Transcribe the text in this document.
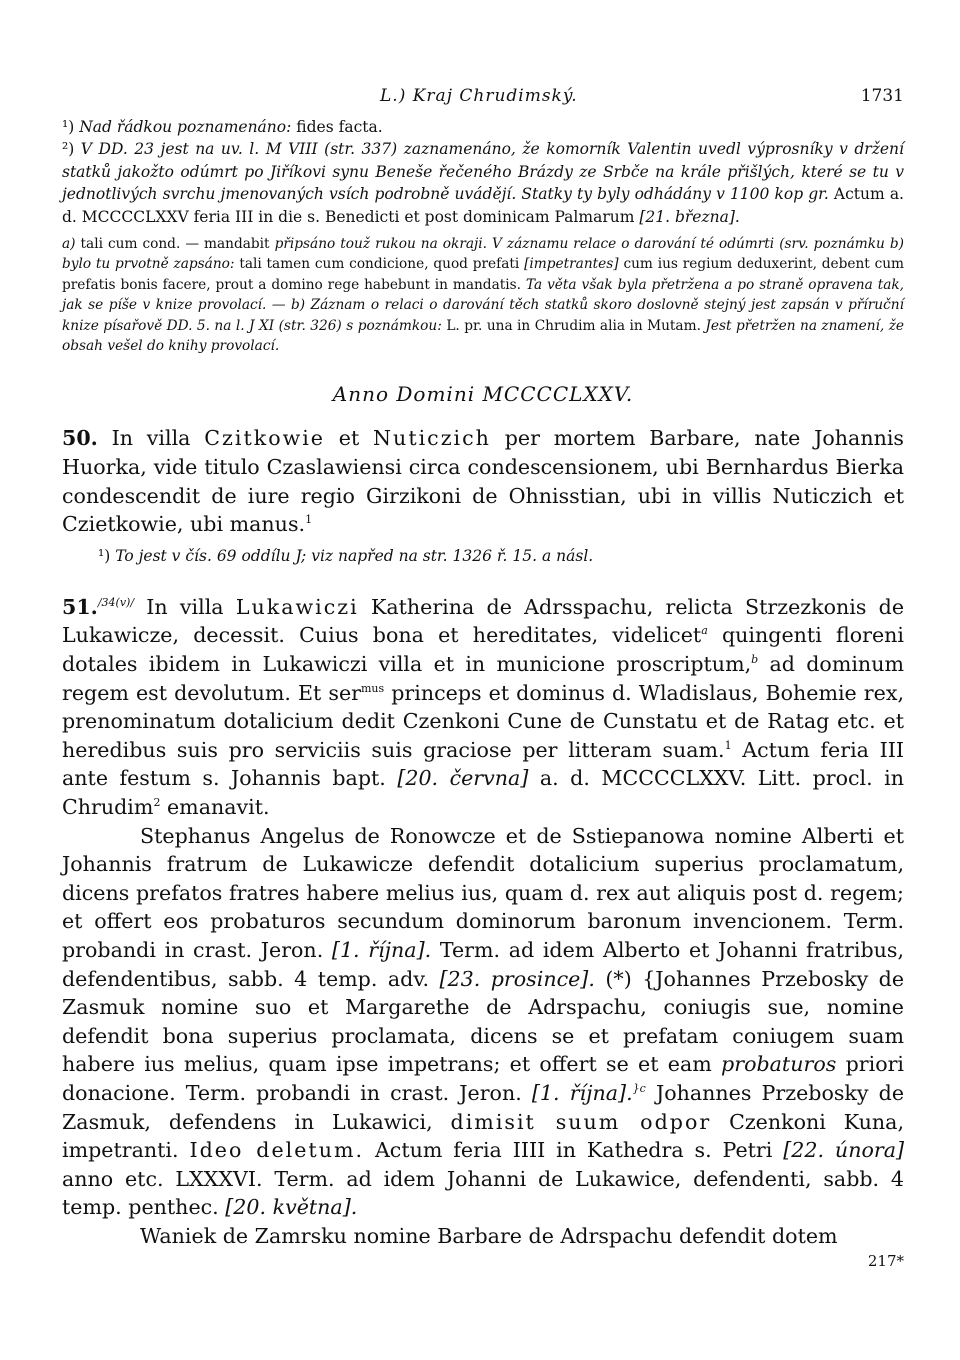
L.) Kraj Chrudimský.	1731

¹) Nad řádkou poznamenáno: fides facta.

²) V DD. 23 jest na uv. l. M VIII (str. 337) zaznamenáno, že komorník Valentin uvedl výprosníky v držení statků jakožto odúmrt po Jiříkovi synu Beneše řečeného Brázdy ze Srbče na krále přišlých, které se tu v jednotlivých svrchu jmenovaných vsích podrobně uvádějí. Statky ty byly odhádány v 1100 kop gr. Actum a. d. MCCCCLXXV feria III in die s. Benedicti et post dominicam Palmarum [21. března].

a) tali cum cond. — mandabit připsáno touž rukou na okraji. V záznamu relace o darování té odúmrti (srv. poznámku b) bylo tu prvotně zapsáno: tali tamen cum condicione, quod prefati [impetrantes] cum ius regium deduxerint, debent cum prefatis bonis facere, prout a domino rege habebunt in mandatis. Ta věta však byla přetržena a po straně opravena tak, jak se píše v knize provolací. — b) Záznam o relaci o darování těch statků skoro doslovně stejný jest zapsán v příruční knize písařově DD. 5. na l. J XI (str. 326) s poznámkou: L. pr. una in Chrudim alia in Mutam. Jest přetržen na znamení, že obsah vešel do knihy provolací.

Anno Domini MCCCCLXXV.

50. In villa Czitkowie et Nuticzich per mortem Barbare, nate Johannis Huorka, vide titulo Czaslawiensi circa condescensionem, ubi Bernhardus Bierka condescendit de iure regio Girzikoni de Ohnisstian, ubi in villis Nuticzich et Czietkowie, ubi manus.$^1$

¹) To jest v čís. 69 oddílu J; viz napřed na str. 1326 ř. 15. a násl.

51.$^{/34(v)/}$ In villa Lukawiczi Katherina de Adrsspachu, relicta Strzezkonis de Lukawicze, decessit. Cuius bona et hereditates, videlicet$^a$ quingenti floreni dotales ibidem in Lukawiczi villa et in municione proscriptum,$^b$ ad dominum regem est devolutum. Et ser$^{mus}$ princeps et dominus d. Wladislaus, Bohemie rex, prenominatum dotalicium dedit Czenkoni Cune de Cunstatu et de Ratag etc. et heredibus suis pro serviciis suis graciose per litteram suam.$^1$ Actum feria III ante festum s. Johannis bapt. [20. června] a. d. MCCCCLXXV. Litt. procl. in Chrudim$^2$ emanavit.

Stephanus Angelus de Ronowcze et de Sstiepanowa nomine Alberti et Johannis fratrum de Lukawicze defendit dotalicium superius proclamatum, dicens prefatos fratres habere melius ius, quam d. rex aut aliquis post d. regem; et offert eos probaturos secundum dominorum baronum invencionem. Term. probandi in crast. Jeron. [1. října]. Term. ad idem Alberto et Johanni fratribus, defendentibus, sabb. 4 temp. adv. [23. prosince]. (*) {Johannes Przebosky de Zasmuk nomine suo et Margarethe de Adrspachu, coniugis sue, nomine defendit bona superius proclamata, dicens se et prefatam coniugem suam habere ius melius, quam ipse impetrans; et offert se et eam probaturos priori donacione. Term. probandi in crast. Jeron. [1. října].$^{\}c}$ Johannes Przebosky de Zasmuk, defendens in Lukawici, dimisit suum odpor Czenkoni Kuna, impetranti. Ideo deletum. Actum feria IIII in Kathedra s. Petri [22. února] anno etc. LXXXVI. Term. ad idem Johanni de Lukawice, defendenti, sabb. 4 temp. penthec. [20. května].

Waniek de Zamrsku nomine Barbare de Adrspachu defendit dotem

217*
